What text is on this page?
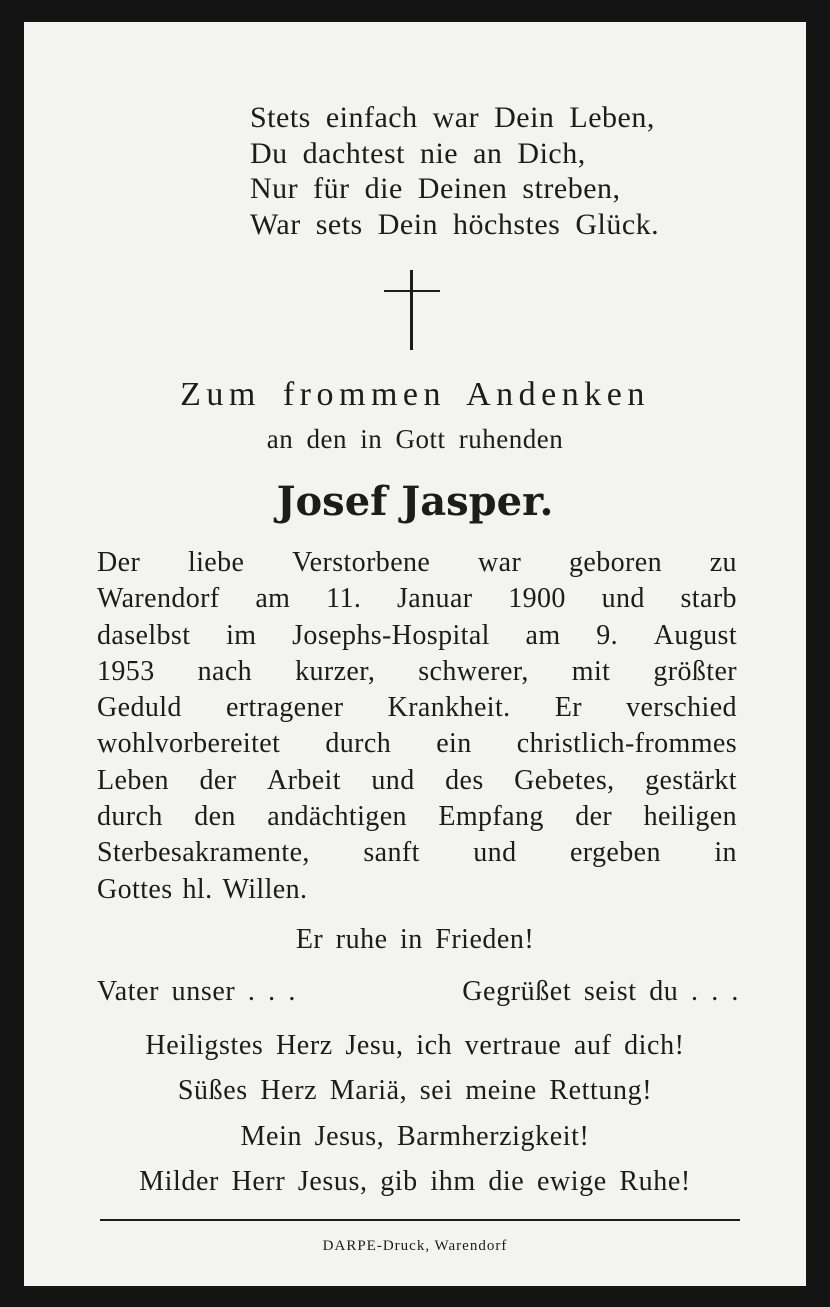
Stets einfach war Dein Leben,
Du dachtest nie an Dich,
Nur für die Deinen streben,
War sets Dein höchstes Glück.
Zum frommen Andenken
an den in Gott ruhenden
Josef Jasper.
Der liebe Verstorbene war geboren zu
Warendorf am 11. Januar 1900 und starb
daselbst im Josephs-Hospital am 9. August
1953 nach kurzer, schwerer, mit größter
Geduld ertragener Krankheit. Er verschied
wohlvorbereitet durch ein christlich-frommes
Leben der Arbeit und des Gebetes, gestärkt
durch den andächtigen Empfang der heiligen
Sterbesakramente, sanft und ergeben in
Gottes hl. Willen.
Er ruhe in Frieden!
Vater unser . . .	Gegrüßet seist du . . .
Heiligstes Herz Jesu, ich vertraue auf dich!
Süßes Herz Mariä, sei meine Rettung!
Mein Jesus, Barmherzigkeit!
Milder Herr Jesus, gib ihm die ewige Ruhe!
DARPE-Druck, Warendorf
